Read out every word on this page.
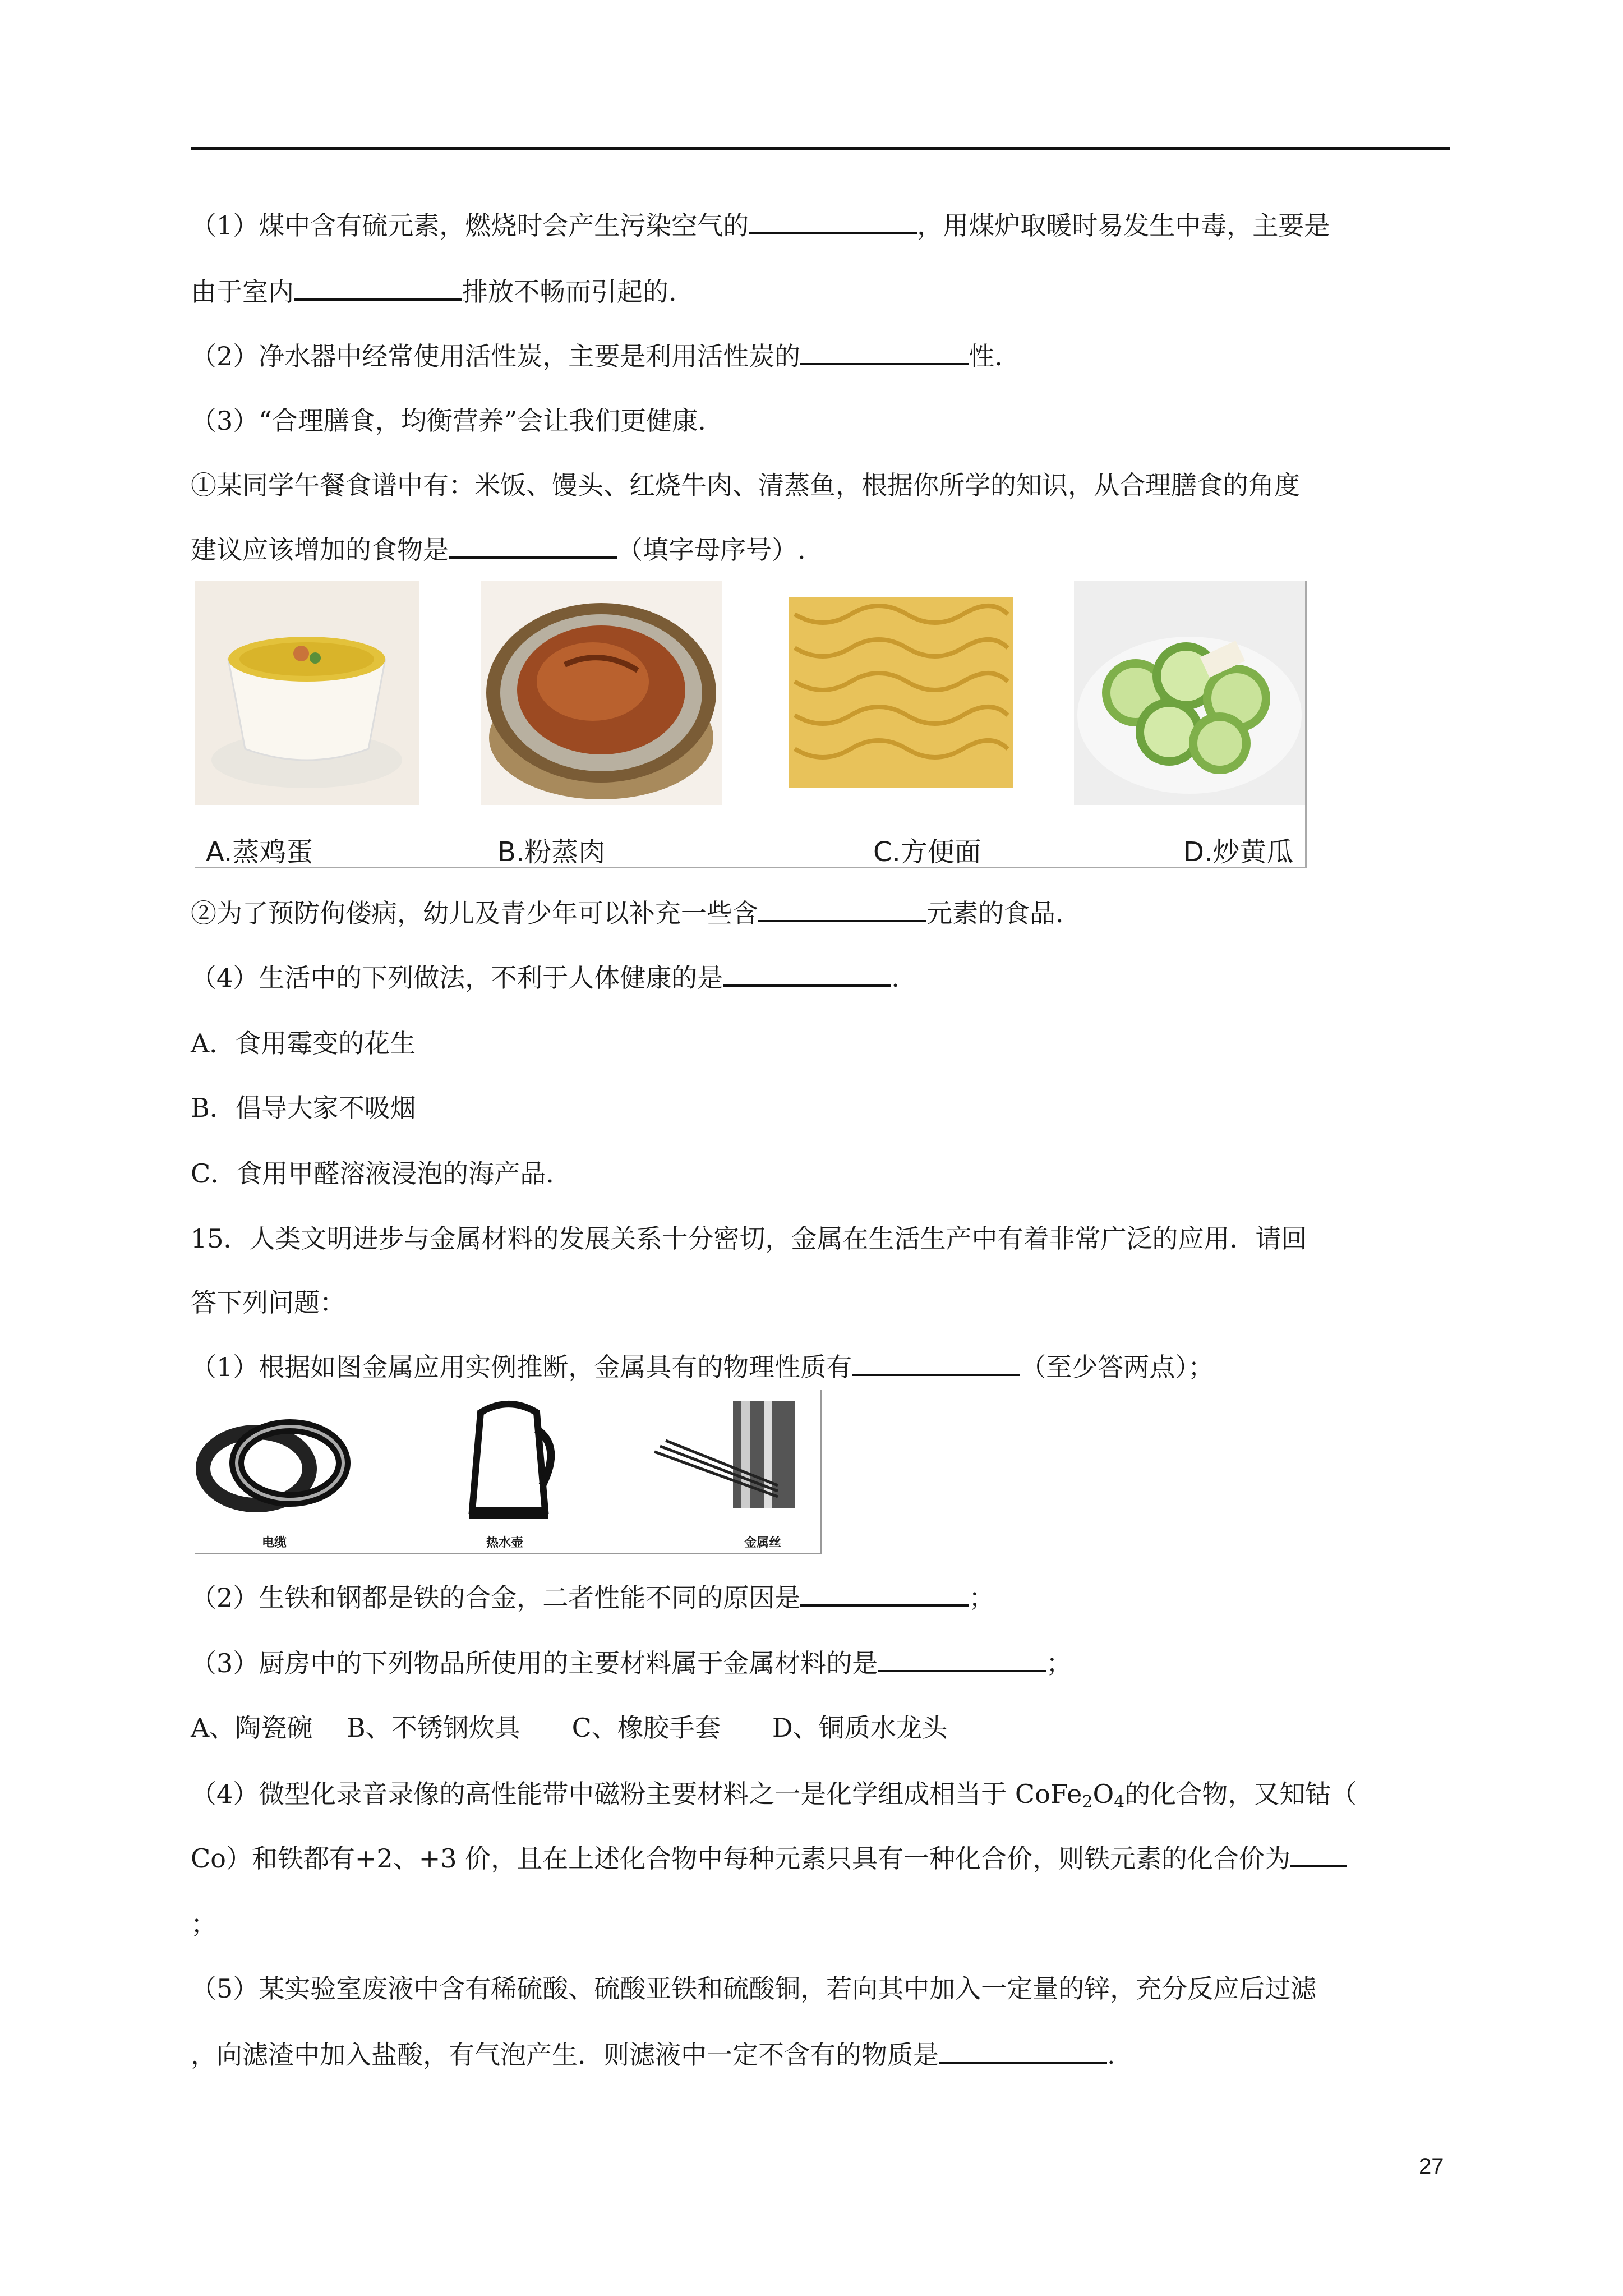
（1）煤中含有硫元素，燃烧时会产生污染空气的	，用煤炉取暖时易发生中毒，主要是
由于室内	排放不畅而引起的.
（2）净水器中经常使用活性炭，主要是利用活性炭的	性.
（3）“合理膳食，均衡营养”会让我们更健康.
①某同学午餐食谱中有：米饭、馒头、红烧牛肉、清蒸鱼，根据你所学的知识，从合理膳食的角度
建议应该增加的食物是	（填字母序号）.
A.蒸鸡蛋	B.粉蒸肉	C.方便面	D.炒黄瓜
②为了预防佝偻病，幼儿及青少年可以补充一些含	元素的食品.
（4）生活中的下列做法，不利于人体健康的是	.
A．食用霉变的花生
B．倡导大家不吸烟
C．食用甲醛溶液浸泡的海产品.
15．人类文明进步与金属材料的发展关系十分密切，金属在生活生产中有着非常广泛的应用．请回
答下列问题：
（1）根据如图金属应用实例推断，金属具有的物理性质有	（至少答两点）；
电缆	热水壶	金属丝
（2）生铁和钢都是铁的合金，二者性能不同的原因是	；
（3）厨房中的下列物品所使用的主要材料属于金属材料的是	；
A、陶瓷碗　 B、不锈钢炊具　　C、橡胶手套　　D、铜质水龙头
（4）微型化录音录像的高性能带中磁粉主要材料之一是化学组成相当于 $CoFe_2O_4$的化合物，又知钴（
Co）和铁都有+2、+3 价，且在上述化合物中每种元素只具有一种化合价，则铁元素的化合价为
；
（5）某实验室废液中含有稀硫酸、硫酸亚铁和硫酸铜，若向其中加入一定量的锌，充分反应后过滤
，向滤渣中加入盐酸，有气泡产生．则滤液中一定不含有的物质是	.
27
